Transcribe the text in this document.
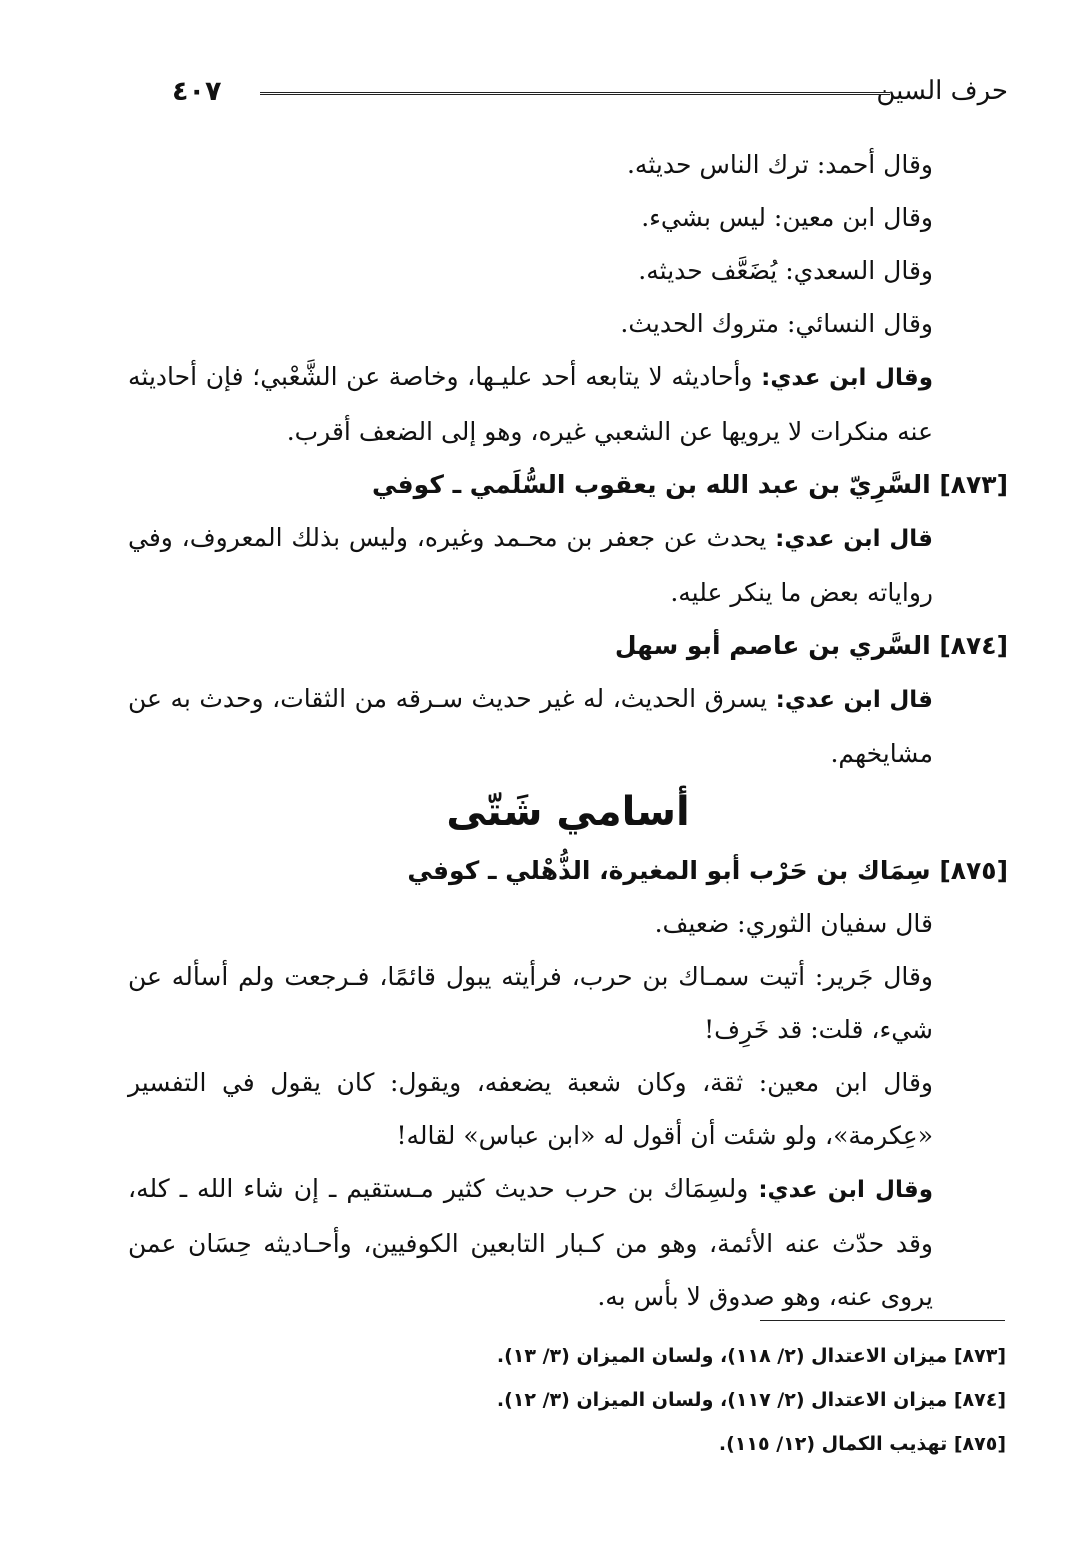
٤٠٧	حرف السين

وقال أحمد: ترك الناس حديثه.

وقال ابن معين: ليس بشيء.

وقال السعدي: يُضَعَّف حديثه.

وقال النسائي: متروك الحديث.

وقال ابن عدي: وأحاديثه لا يتابعه أحد عليـها، وخاصة عن الشَّعْبي؛ فإن أحاديثه عنه منكرات لا يرويها عن الشعبي غيره، وهو إلى الضعف أقرب.

[٨٧٣] السَّرِيّ بن عبد الله بن يعقوب السُّلَمي ـ كوفي

قال ابن عدي: يحدث عن جعفر بن محـمد وغيره، وليس بذلك المعروف، وفي رواياته بعض ما ينكر عليه.

[٨٧٤] السَّري بن عاصم أبو سهل

قال ابن عدي: يسرق الحديث، له غير حديث سـرقه من الثقات، وحدث به عن مشايخهم.

أسامي شَتّى

[٨٧٥] سِمَاك بن حَرْب أبو المغيرة، الذُّهْلي ـ كوفي

قال سفيان الثوري: ضعيف.

وقال جَرير: أتيت سمـاك بن حرب، فرأيته يبول قائمًا، فـرجعت ولم أسأله عن شيء، قلت: قد خَرِف!

وقال ابن معين: ثقة، وكان شعبة يضعفه، ويقول: كان يقول في التفسير «عِكرمة»، ولو شئت أن أقول له «ابن عباس» لقاله!

وقال ابن عدي: ولسِمَاك بن حرب حديث كثير مـستقيم ـ إن شاء الله ـ كله، وقد حدّث عنه الأئمة، وهو من كـبار التابعين الكوفيين، وأحـاديثه حِسَان عمن يروى عنه، وهو صدوق لا بأس به.

[٨٧٣] ميزان الاعتدال (٢/ ١١٨)، ولسان الميزان (٣/ ١٣).

[٨٧٤] ميزان الاعتدال (٢/ ١١٧)، ولسان الميزان (٣/ ١٢).

[٨٧٥] تهذيب الكمال (١٢/ ١١٥).
